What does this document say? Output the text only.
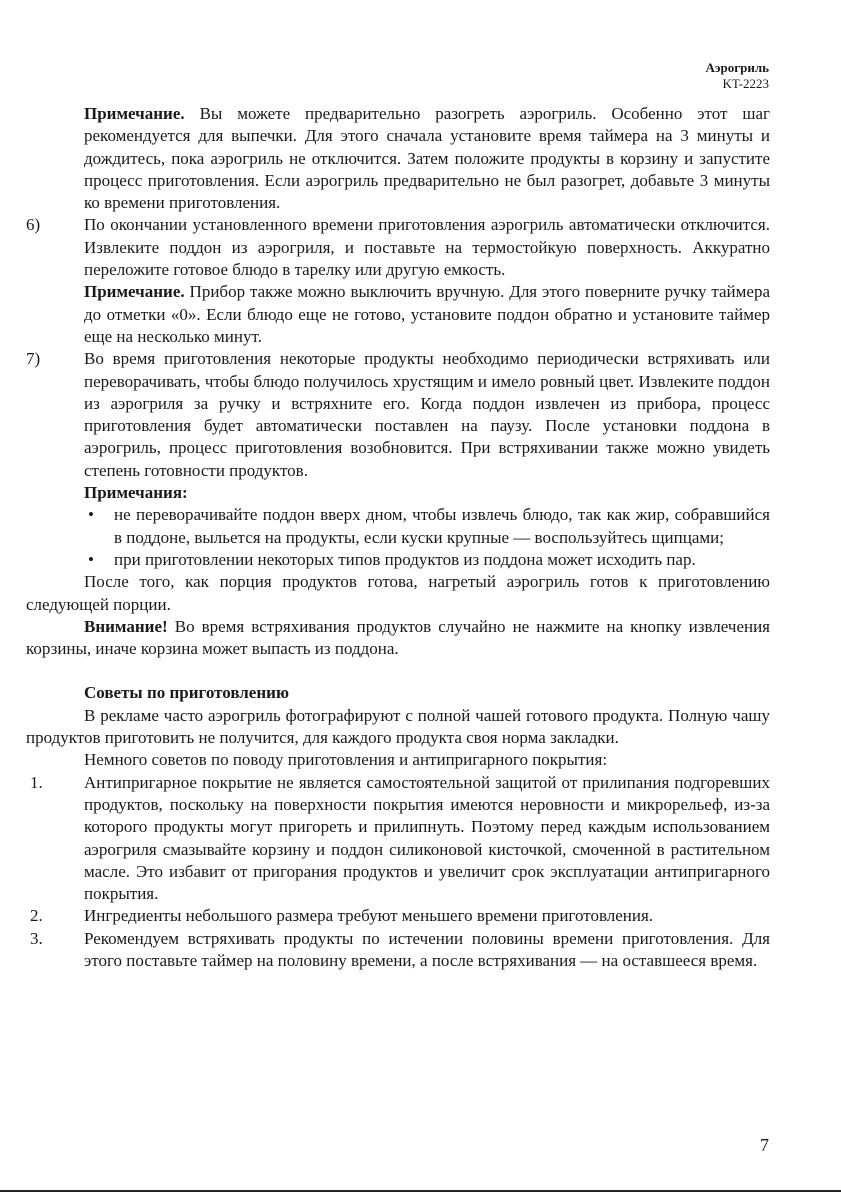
Аэрогриль
KT-2223

Примечание. Вы можете предварительно разогреть аэрогриль. Особенно этот шаг рекомендуется для выпечки. Для этого сначала установите время таймера на 3 минуты и дождитесь, пока аэрогриль не отключится. Затем положите продукты в корзину и запустите процесс приготовления. Если аэрогриль предварительно не был разогрет, добавьте 3 минуты ко времени приготовления.

6)	По окончании установленного времени приготовления аэрогриль автоматически отключится. Извлеките поддон из аэрогриля, и поставьте на термостойкую поверхность. Аккуратно переложите готовое блюдо в тарелку или другую емкость.

Примечание. Прибор также можно выключить вручную. Для этого поверните ручку таймера до отметки «0». Если блюдо еще не готово, установите поддон обратно и установите таймер еще на несколько минут.

7)	Во время приготовления некоторые продукты необходимо периодически встряхивать или переворачивать, чтобы блюдо получилось хрустящим и имело ровный цвет. Извлеките поддон из аэрогриля за ручку и встряхните его. Когда поддон извлечен из прибора, процесс приготовления будет автоматически поставлен на паузу. После установки поддона в аэрогриль, процесс приготовления возобновится. При встряхивании также можно увидеть степень готовности продуктов.

Примечания:

• не переворачивайте поддон вверх дном, чтобы извлечь блюдо, так как жир, собравшийся в поддоне, выльется на продукты, если куски крупные — воспользуйтесь щипцами;

• при приготовлении некоторых типов продуктов из поддона может исходить пар.

После того, как порция продуктов готова, нагретый аэрогриль готов к приготовлению следующей порции.

Внимание! Во время встряхивания продуктов случайно не нажмите на кнопку извлечения корзины, иначе корзина может выпасть из поддона.

Советы по приготовлению

В рекламе часто аэрогриль фотографируют с полной чашей готового продукта. Полную чашу продуктов приготовить не получится, для каждого продукта своя норма закладки.

Немного советов по поводу приготовления и антипригарного покрытия:

1. Антипригарное покрытие не является самостоятельной защитой от прилипания подгоревших продуктов, поскольку на поверхности покрытия имеются неровности и микрорельеф, из-за которого продукты могут пригореть и прилипнуть. Поэтому перед каждым использованием аэрогриля смазывайте корзину и поддон силиконовой кисточкой, смоченной в растительном масле. Это избавит от пригорания продуктов и увеличит срок эксплуатации антипригарного покрытия.

2. Ингредиенты небольшого размера требуют меньшего времени приготовления.

3. Рекомендуем встряхивать продукты по истечении половины времени приготовления. Для этого поставьте таймер на половину времени, а после встряхивания — на оставшееся время.

7
